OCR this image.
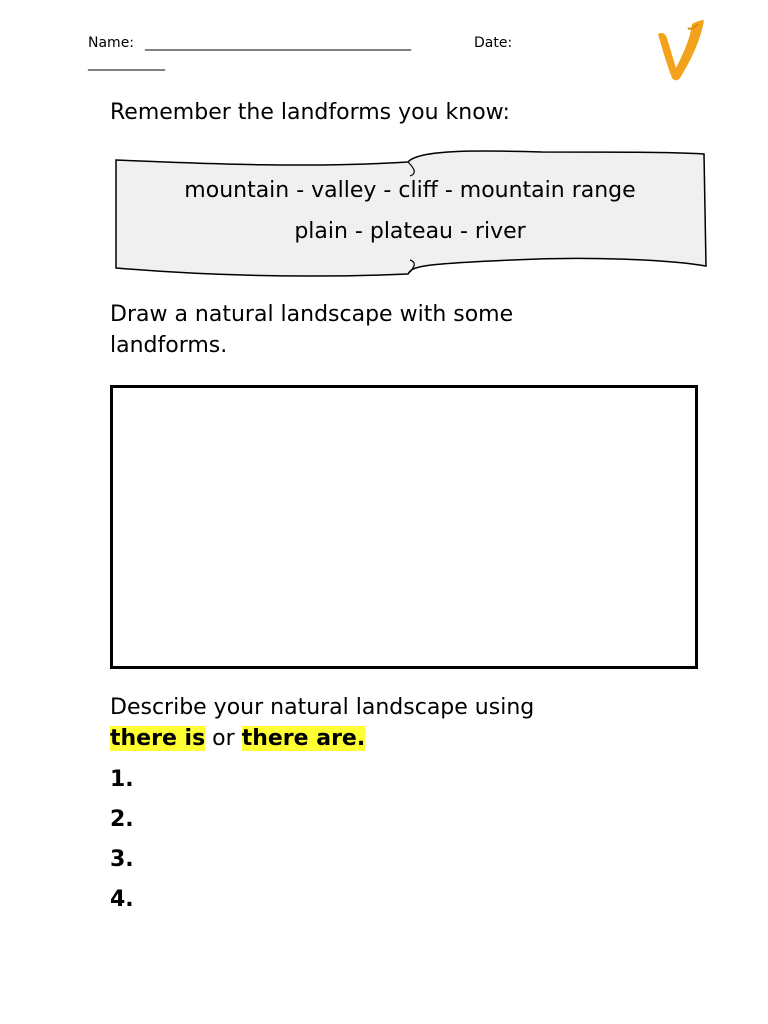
Name: ______________________________________	Date:
___________
Remember the landforms you know:
mountain - valley - cliff - mountain range
plain - plateau - river
Draw a natural landscape with some
landforms.
Describe your natural landscape using
there is or there are.
1.
2.
3.
4.
